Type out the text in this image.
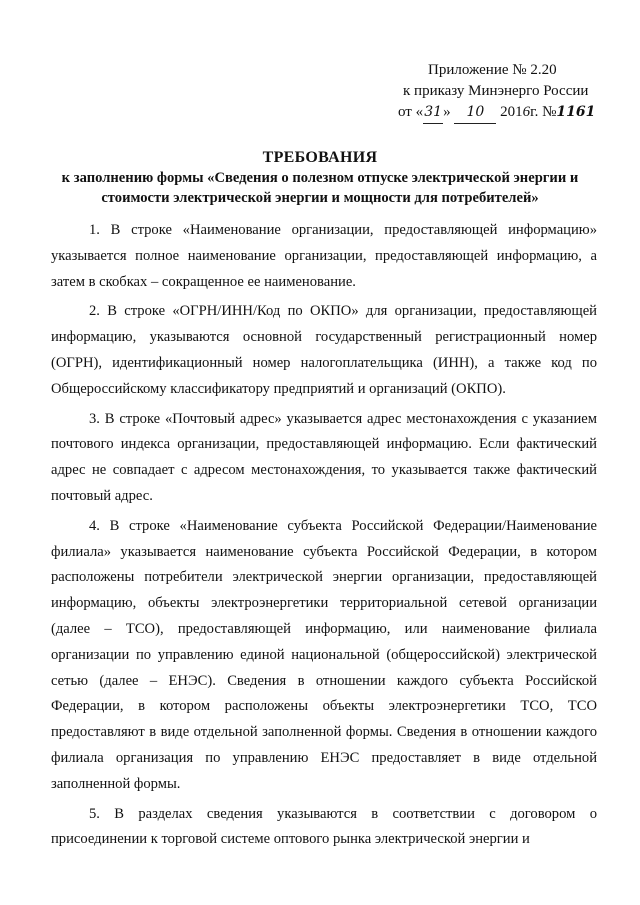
Приложение № 2.20
к приказу Минэнерго России
от «31» 10 2016г. №1161
ТРЕБОВАНИЯ
к заполнению формы «Сведения о полезном отпуске электрической энергии и стоимости электрической энергии и мощности для потребителей»

1. В строке «Наименование организации, предоставляющей информацию» указывается полное наименование организации, предоставляющей информацию, а затем в скобках – сокращенное ее наименование.

2. В строке «ОГРН/ИНН/Код по ОКПО» для организации, предоставляющей информацию, указываются основной государственный регистрационный номер (ОГРН), идентификационный номер налогоплательщика (ИНН), а также код по Общероссийскому классификатору предприятий и организаций (ОКПО).

3. В строке «Почтовый адрес» указывается адрес местонахождения с указанием почтового индекса организации, предоставляющей информацию. Если фактический адрес не совпадает с адресом местонахождения, то указывается также фактический почтовый адрес.

4. В строке «Наименование субъекта Российской Федерации/Наименование филиала» указывается наименование субъекта Российской Федерации, в котором расположены потребители электрической энергии организации, предоставляющей информацию, объекты электроэнергетики территориальной сетевой организации (далее – ТСО), предоставляющей информацию, или наименование филиала организации по управлению единой национальной (общероссийской) электрической сетью (далее – ЕНЭС). Сведения в отношении каждого субъекта Российской Федерации, в котором расположены объекты электроэнергетики ТСО, ТСО предоставляют в виде отдельной заполненной формы. Сведения в отношении каждого филиала организация по управлению ЕНЭС предоставляет в виде отдельной заполненной формы.

5. В разделах сведения указываются в соответствии с договором о присоединении к торговой системе оптового рынка электрической энергии и
